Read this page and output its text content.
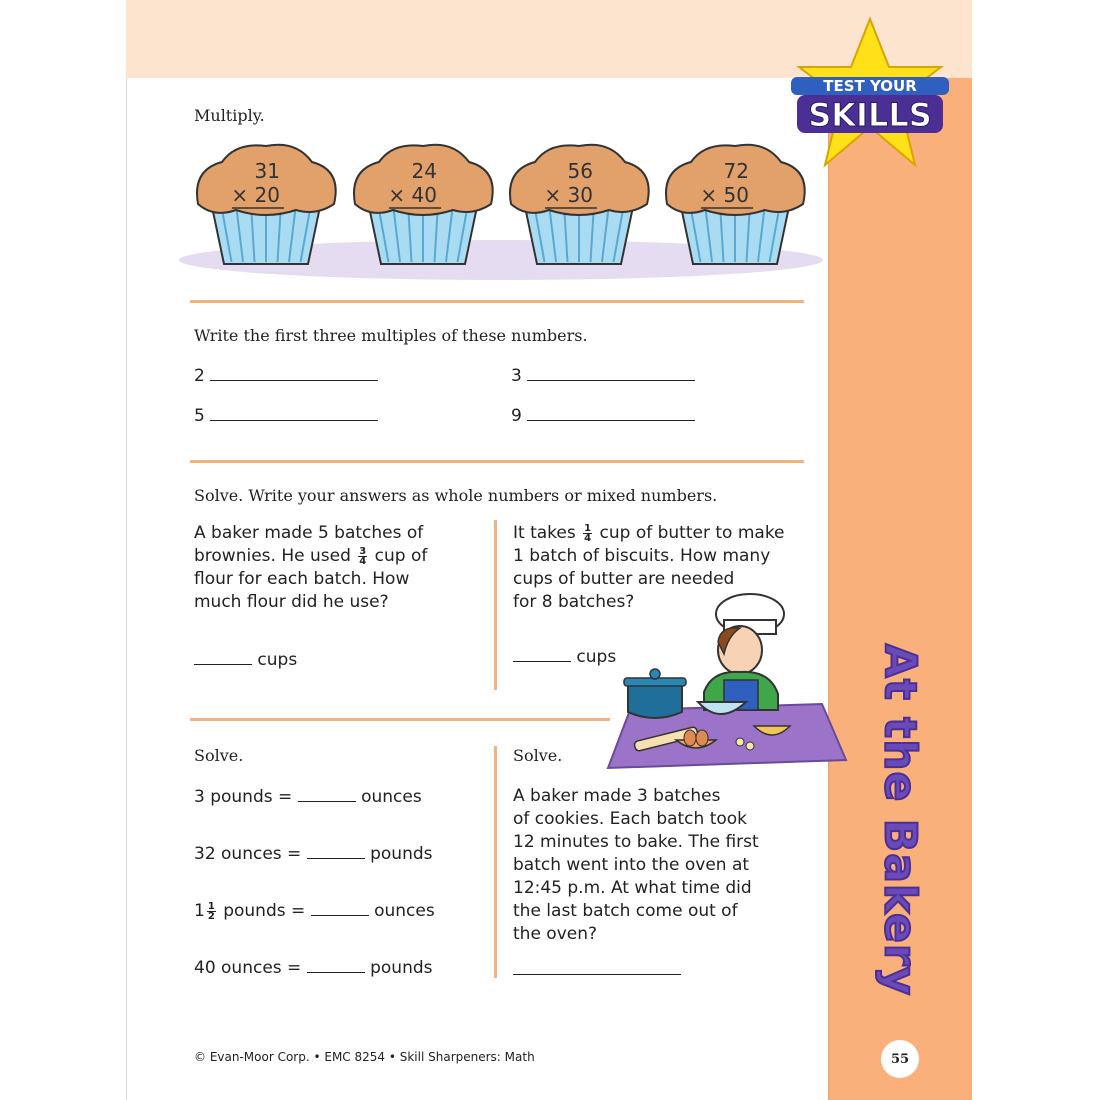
TEST YOUR
SKILLS
Multiply.
31
× 20
24
× 40
56
× 30
72
× 50
Write the first three multiples of these numbers.
2	3
5	9
Solve. Write your answers as whole numbers or mixed numbers.
A baker made 5 batches of
brownies. He used $\frac{3}{4}$ cup of
flour for each batch. How
much flour did he use?
cups
It takes $\frac{1}{4}$ cup of butter to make
1 batch of biscuits. How many
cups of butter are needed
for 8 batches?
cups
Solve.
3 pounds =	ounces
32 ounces =	pounds
$1 \frac{1}{2}$ pounds =	ounces
40 ounces =	pounds
Solve.
A baker made 3 batches
of cookies. Each batch took
12 minutes to bake. The first
batch went into the oven at
12:45 p.m. At what time did
the last batch come out of
the oven?	At the Bakery
© Evan-Moor Corp. • EMC 8254 • Skill Sharpeners: Math	55
